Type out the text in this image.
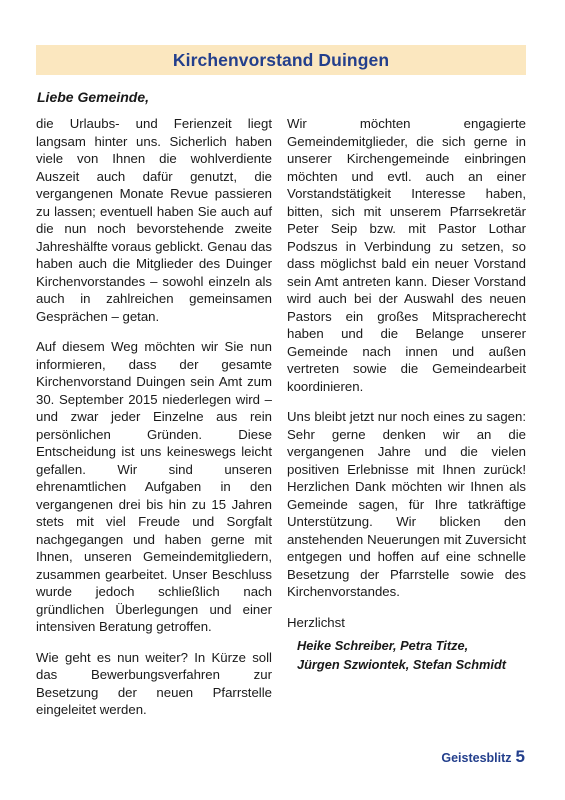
Kirchenvorstand Duingen
Liebe Gemeinde,

die Urlaubs- und Ferienzeit liegt langsam hinter uns. Sicherlich haben viele von Ihnen die wohlverdiente Auszeit auch dafür genutzt, die vergangenen Monate Revue passieren zu lassen; eventuell haben Sie auch auf die nun noch bevorstehende zweite Jahreshälfte voraus geblickt. Genau das haben auch die Mitglieder des Duinger Kirchenvorstandes – sowohl einzeln als auch in zahlreichen gemeinsamen Gesprächen – getan.

Auf diesem Weg möchten wir Sie nun informieren, dass der gesamte Kirchenvorstand Duingen sein Amt zum 30. September 2015 niederlegen wird – und zwar jeder Einzelne aus rein persönlichen Gründen. Diese Entscheidung ist uns keineswegs leicht gefallen. Wir sind unseren ehrenamtlichen Aufgaben in den vergangenen drei bis hin zu 15 Jahren stets mit viel Freude und Sorgfalt nachgegangen und haben gerne mit Ihnen, unseren Gemeindemitgliedern, zusammen gearbeitet. Unser Beschluss wurde jedoch schließlich nach gründlichen Überlegungen und einer intensiven Beratung getroffen.

Wie geht es nun weiter? In Kürze soll das Bewerbungsverfahren zur Besetzung der neuen Pfarrstelle eingeleitet werden.

Wir möchten engagierte Gemeindemitglieder, die sich gerne in unserer Kirchengemeinde einbringen möchten und evtl. auch an einer Vorstandstätigkeit Interesse haben, bitten, sich mit unserem Pfarrsekretär Peter Seip bzw. mit Pastor Lothar Podszus in Verbindung zu setzen, so dass möglichst bald ein neuer Vorstand sein Amt antreten kann. Dieser Vorstand wird auch bei der Auswahl des neuen Pastors ein großes Mitspracherecht haben und die Belange unserer Gemeinde nach innen und außen vertreten sowie die Gemeindearbeit koordinieren.

Uns bleibt jetzt nur noch eines zu sagen: Sehr gerne denken wir an die vergangenen Jahre und die vielen positiven Erlebnisse mit Ihnen zurück! Herzlichen Dank möchten wir Ihnen als Gemeinde sagen, für Ihre tatkräftige Unterstützung. Wir blicken den anstehenden Neuerungen mit Zuversicht entgegen und hoffen auf eine schnelle Besetzung der Pfarrstelle sowie des Kirchenvorstandes.

Herzlichst

Heike Schreiber, Petra Titze,
Jürgen Szwiontek, Stefan Schmidt
Geistesblitz 5
